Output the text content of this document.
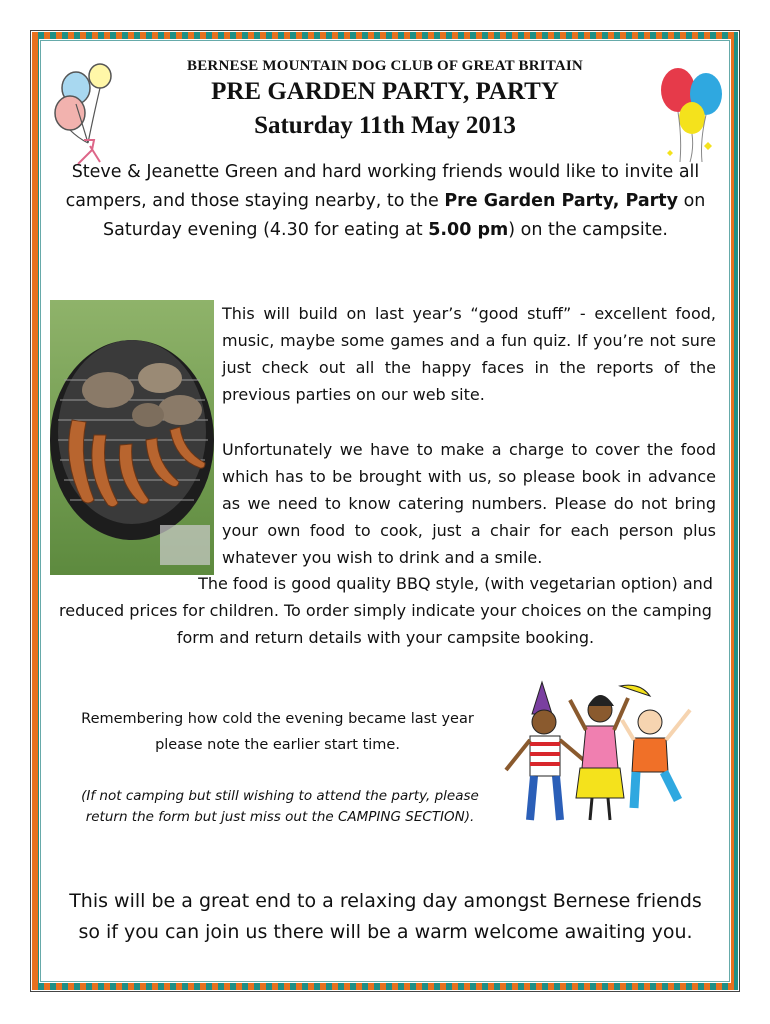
BERNESE MOUNTAIN DOG CLUB OF GREAT BRITAIN
PRE GARDEN PARTY, PARTY
Saturday 11th May 2013
Steve & Jeanette Green and hard working friends would like to invite all campers, and those staying nearby, to the Pre Garden Party, Party on Saturday evening (4.30 for eating at 5.00 pm) on the campsite.
This will build on last year’s “good stuff” - excellent food, music, maybe some games and a fun quiz. If you’re not sure just check out all the happy faces in the reports of the previous parties on our web site.
Unfortunately we have to make a charge to cover the food which has to be brought with us, so please book in advance as we need to know catering numbers. Please do not bring your own food to cook, just a chair for each person plus whatever you wish to drink and a smile.
The food is good quality BBQ style, (with vegetarian option) and reduced prices for children. To order simply indicate your choices on the camping form and return details with your campsite booking.
Remembering how cold the evening became last year
please note the earlier start time.
(If not camping but still wishing to attend the party, please return the form but just miss out the CAMPING SECTION).
This will be a great end to a relaxing day amongst Bernese friends
so if you can join us there will be a warm welcome awaiting you.
